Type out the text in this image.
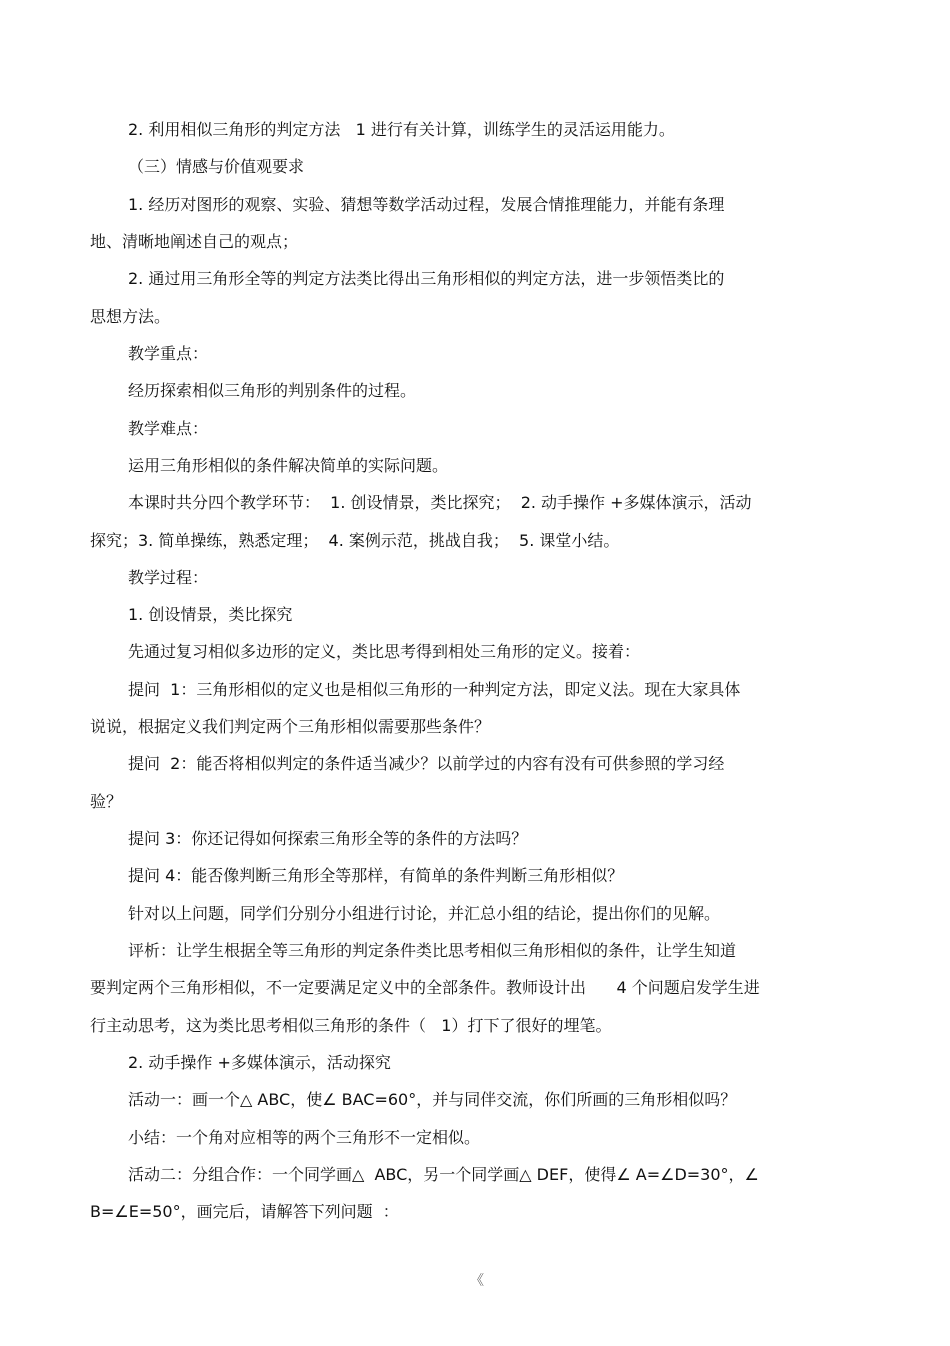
2. 利用相似三角形的判定方法   1 进行有关计算，训练学生的灵活运用能力。
（三）情感与价值观要求
1. 经历对图形的观察、实验、猜想等数学活动过程，发展合情推理能力，并能有条理
地、清晰地阐述自己的观点；
2. 通过用三角形全等的判定方法类比得出三角形相似的判定方法，进一步领悟类比的
思想方法。
教学重点：
经历探索相似三角形的判别条件的过程。
教学难点：
运用三角形相似的条件解决简单的实际问题。
本课时共分四个教学环节：  1. 创设情景，类比探究；  2. 动手操作 +多媒体演示，活动
探究；3. 简单操练，熟悉定理；  4. 案例示范，挑战自我；  5. 课堂小结。
教学过程：
1. 创设情景，类比探究
先通过复习相似多边形的定义，类比思考得到相处三角形的定义。接着：
提问  1：三角形相似的定义也是相似三角形的一种判定方法，即定义法。现在大家具体
说说，根据定义我们判定两个三角形相似需要那些条件？
提问  2：能否将相似判定的条件适当减少？以前学过的内容有没有可供参照的学习经
验？
提问 3：你还记得如何探索三角形全等的条件的方法吗？
提问 4：能否像判断三角形全等那样，有简单的条件判断三角形相似？
针对以上问题，同学们分别分小组进行讨论，并汇总小组的结论，提出你们的见解。
评析：让学生根据全等三角形的判定条件类比思考相似三角形相似的条件，让学生知道
要判定两个三角形相似，不一定要满足定义中的全部条件。教师设计出      4 个问题启发学生进
行主动思考，这为类比思考相似三角形的条件（   1）打下了很好的埋笔。
2. 动手操作 +多媒体演示，活动探究
活动一：画一个△ ABC，使∠ BAC=60°，并与同伴交流，你们所画的三角形相似吗？
小结：一个角对应相等的两个三角形不一定相似。
活动二：分组合作：一个同学画△  ABC，另一个同学画△ DEF，使得∠ A=∠D=30°，∠
B=∠E=50°，画完后，请解答下列问题  ：
《
